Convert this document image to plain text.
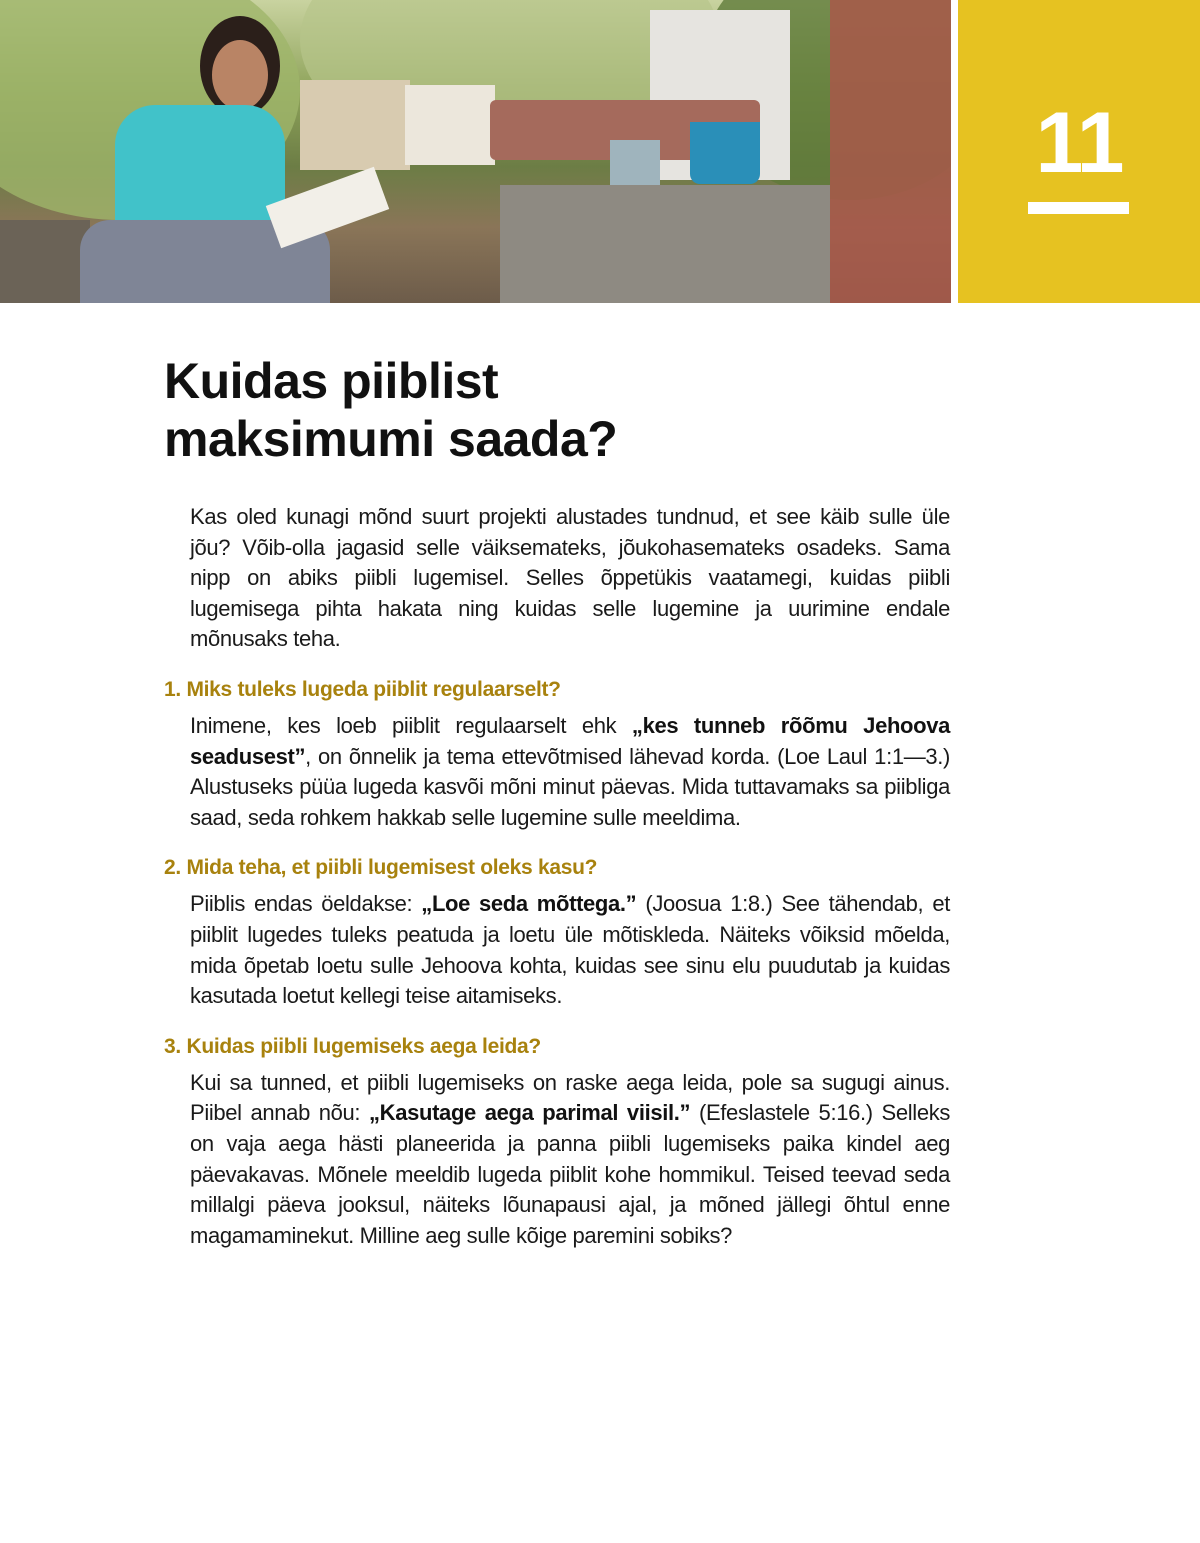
11
Kuidas piiblist
maksimumi saada?

Kas oled kunagi mõnd suurt projekti alustades tundnud, et see käib sulle üle jõu? Võib-olla jagasid selle väiksemateks, jõukohasemateks osadeks. Sama nipp on abiks piibli lugemisel. Selles õppetükis vaatamegi, kuidas piibli lugemisega pihta hakata ning kuidas selle lugemine ja uurimine endale mõnusaks teha.

1. Miks tuleks lugeda piiblit regulaarselt?

Inimene, kes loeb piiblit regulaarselt ehk „kes tunneb rõõmu Jehoova seadusest”, on õnnelik ja tema ettevõtmised lähevad korda. (Loe Laul 1:1—3.) Alustuseks püüa lugeda kasvõi mõni minut päevas. Mida tuttavamaks sa piibliga saad, seda rohkem hakkab selle lugemine sulle meeldima.

2. Mida teha, et piibli lugemisest oleks kasu?

Piiblis endas öeldakse: „Loe seda mõttega.” (Joosua 1:8.) See tähendab, et piiblit lugedes tuleks peatuda ja loetu üle mõtiskleda. Näiteks võiksid mõelda, mida õpetab loetu sulle Jehoova kohta, kuidas see sinu elu puudutab ja kuidas kasutada loetut kellegi teise aitamiseks.

3. Kuidas piibli lugemiseks aega leida?

Kui sa tunned, et piibli lugemiseks on raske aega leida, pole sa sugugi ainus. Piibel annab nõu: „Kasutage aega parimal viisil.” (Efeslastele 5:16.) Selleks on vaja aega hästi planeerida ja panna piibli lugemiseks paika kindel aeg päevakavas. Mõnele meeldib lugeda piiblit kohe hommikul. Teised teevad seda millalgi päeva jooksul, näiteks lõunapausi ajal, ja mõned jällegi õhtul enne magamaminekut. Milline aeg sulle kõige paremini sobiks?
